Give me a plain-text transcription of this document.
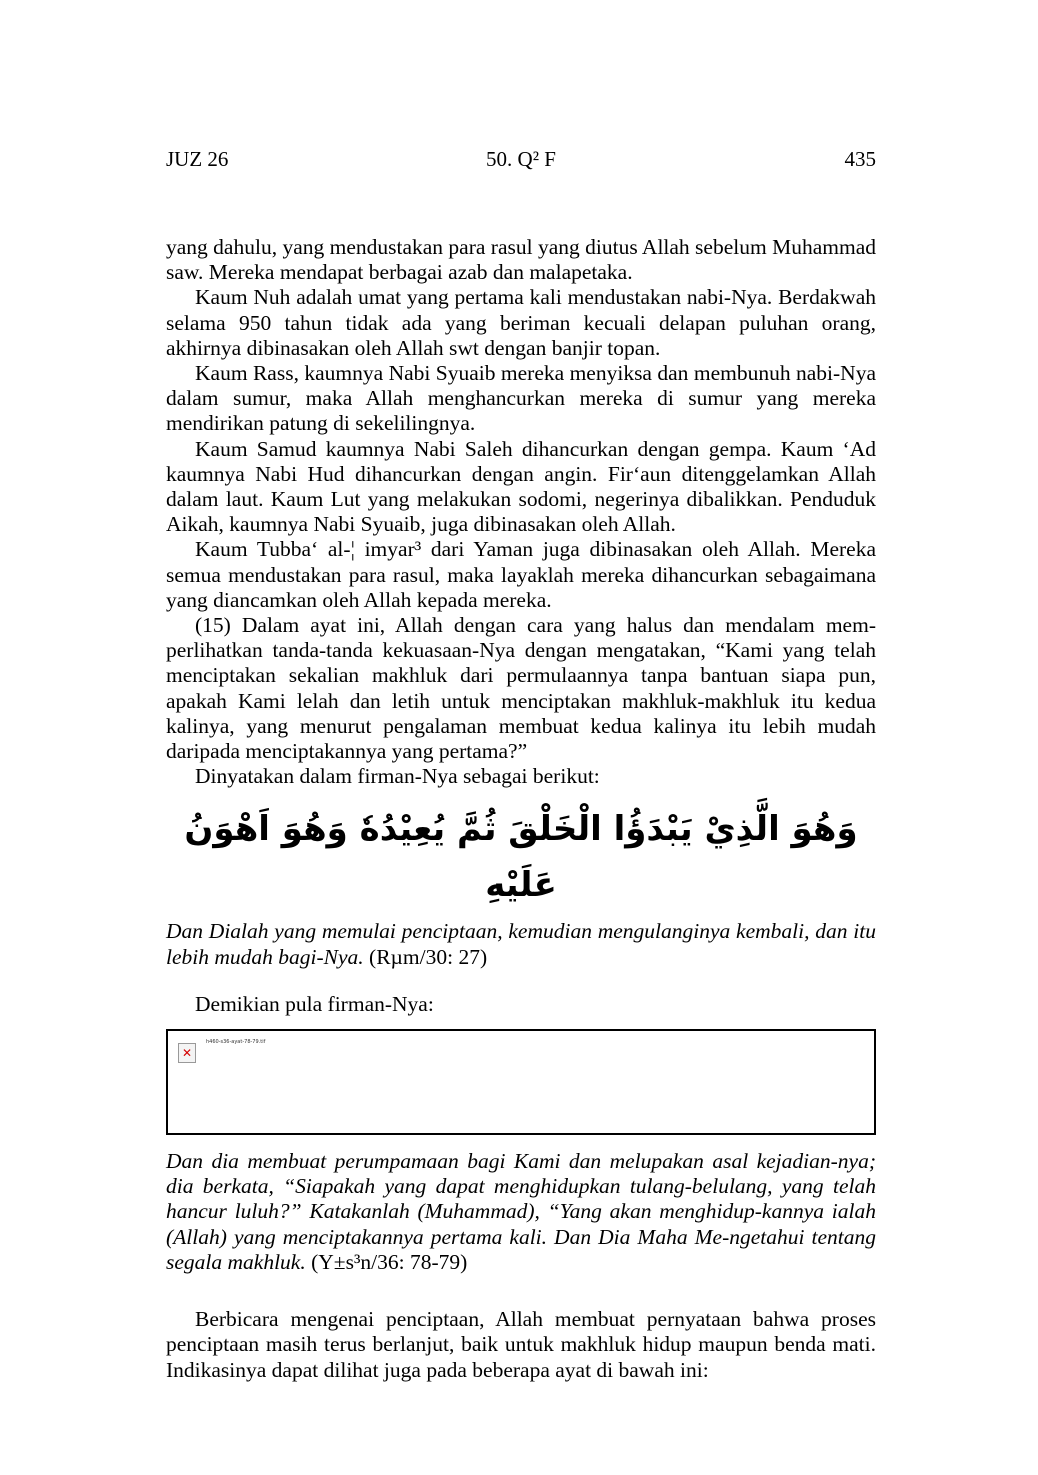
JUZ 26	50. Q² F	435

yang dahulu, yang mendustakan para rasul yang diutus Allah sebelum Muhammad saw. Mereka mendapat berbagai azab dan malapetaka.

Kaum Nuh adalah umat yang pertama kali mendustakan nabi-Nya. Berdakwah selama 950 tahun tidak ada yang beriman kecuali delapan puluhan orang, akhirnya dibinasakan oleh Allah swt dengan banjir topan.

Kaum Rass, kaumnya Nabi Syuaib mereka menyiksa dan membunuh nabi-Nya dalam sumur, maka Allah menghancurkan mereka di sumur yang mereka mendirikan patung di sekelilingnya.

Kaum Samud kaumnya Nabi Saleh dihancurkan dengan gempa. Kaum ‘Ad kaumnya Nabi Hud dihancurkan dengan angin. Fir‘aun ditenggelamkan Allah dalam laut. Kaum Lut yang melakukan sodomi, negerinya dibalikkan. Penduduk Aikah, kaumnya Nabi Syuaib, juga dibinasakan oleh Allah.

Kaum Tubba‘ al-¦ imyar³ dari Yaman juga dibinasakan oleh Allah. Mereka semua mendustakan para rasul, maka layaklah mereka dihancurkan sebagaimana yang diancamkan oleh Allah kepada mereka.

(15) Dalam ayat ini, Allah dengan cara yang halus dan mendalam mem-perlihatkan tanda-tanda kekuasaan-Nya dengan mengatakan, “Kami yang telah menciptakan sekalian makhluk dari permulaannya tanpa bantuan siapa pun, apakah Kami lelah dan letih untuk menciptakan makhluk-makhluk itu kedua kalinya, yang menurut pengalaman membuat kedua kalinya itu lebih mudah daripada menciptakannya yang pertama?”

Dinyatakan dalam firman-Nya sebagai berikut:

وَهُوَ الَّذِيْ يَبْدَؤُا الْخَلْقَ ثُمَّ يُعِيْدُهٗ وَهُوَ اَهْوَنُ عَلَيْهِ

Dan Dialah yang memulai penciptaan, kemudian mengulanginya kembali, dan itu lebih mudah bagi-Nya. (Rµm/30: 27)

Demikian pula firman-Nya:

✕
h460-s36-ayat-78-79.tif

Dan dia membuat perumpamaan bagi Kami dan melupakan asal kejadian-nya; dia berkata, “Siapakah yang dapat menghidupkan tulang-belulang, yang telah hancur luluh?” Katakanlah (Muhammad), “Yang akan menghidup-kannya ialah (Allah) yang menciptakannya pertama kali. Dan Dia Maha Me-ngetahui tentang segala makhluk. (Y±s³n/36: 78-79)

Berbicara mengenai penciptaan, Allah membuat pernyataan bahwa proses penciptaan masih terus berlanjut, baik untuk makhluk hidup maupun benda mati. Indikasinya dapat dilihat juga pada beberapa ayat di bawah ini:
